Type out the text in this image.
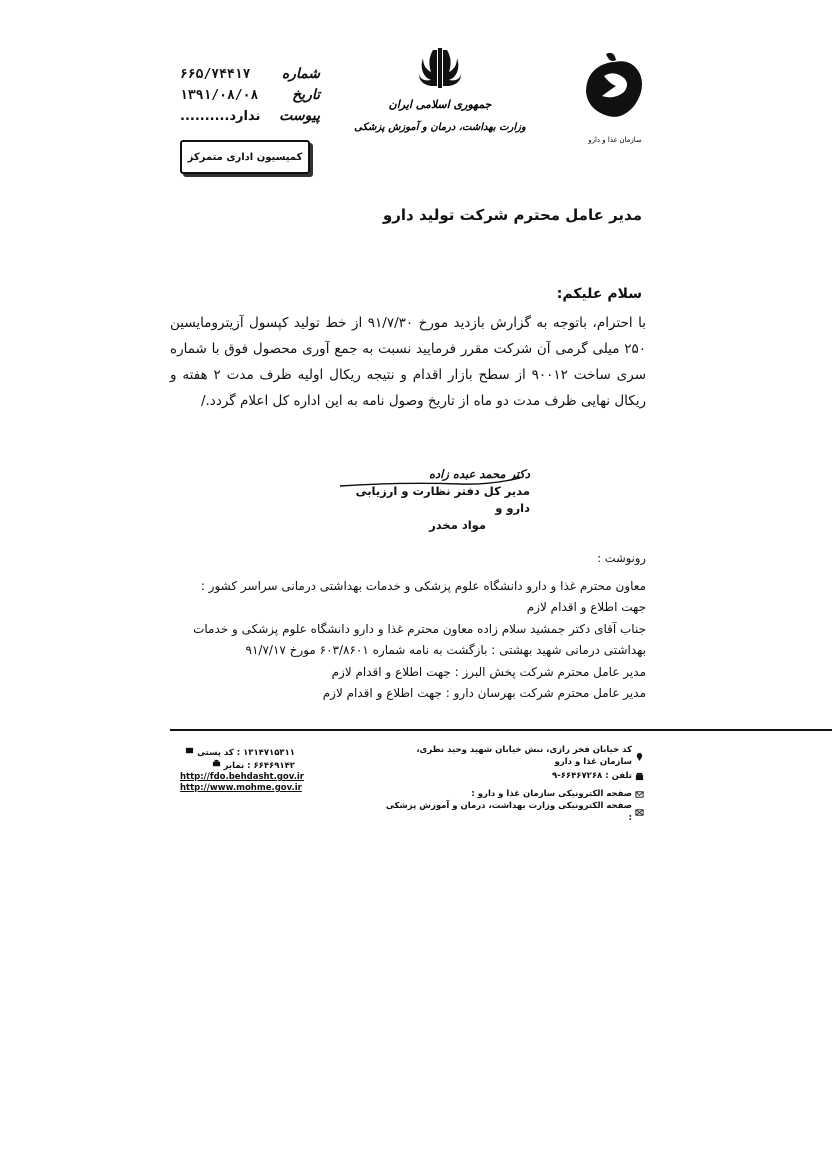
شماره
۶۶۵/۷۴۴۱۷
تاریخ
۱۳۹۱/۰۸/۰۸
پیوست
ندارد..........
کمیسیون اداری متمرکز
جمهوری اسلامی ایران
وزارت بهداشت، درمان و آموزش پزشکی
سازمان غذا و دارو
مدیر عامل محترم شرکت تولید دارو
سلام علیکم:
با احترام، باتوجه به گزارش بازدید مورخ ۹۱/۷/۳۰ از خط تولید کپسول آزیترومایسین ۲۵۰ میلی گرمی آن شرکت مقرر فرمایید نسبت به جمع آوری محصول فوق با شماره سری ساخت ۹۰۰۱۲ از سطح بازار اقدام و نتیجه ریکال اولیه ظرف مدت ۲ هفته و ریکال نهایی ظرف مدت دو ماه از تاریخ وصول نامه به این اداره کل اعلام گردد./
دکتر محمد عبده زاده
مدیر کل دفتر نظارت و ارزیابی دارو و
مواد مخدر
رونوشت :
معاون محترم غذا و دارو دانشگاه علوم پزشکی و خدمات بهداشتی درمانی سراسر کشور : جهت اطلاع و اقدام لازم
جناب آقای دکتر جمشید سلام زاده معاون محترم غذا و دارو دانشگاه علوم پزشکی و خدمات بهداشتی درمانی شهید بهشتی : بازگشت به نامه شماره ۶۰۳/۸۶۰۱ مورخ ۹۱/۷/۱۷
مدیر عامل محترم شرکت پخش البرز : جهت اطلاع و اقدام لازم
مدیر عامل محترم شرکت بهرسان دارو : جهت اطلاع و اقدام لازم
۱۳۱۴۷۱۵۳۱۱ : کد پستی
۶۶۴۶۹۱۴۲ : نمابر
http://fdo.behdasht.gov.ir
http://www.mohme.gov.ir
کد خیابان فخر رازی، نبش خیابان شهید وحید نظری، سازمان غذا و دارو
تلفن : ۶۶۴۶۷۲۶۸-۹
صفحه الکترونیکی سازمان غذا و دارو :
صفحه الکترونیکی وزارت بهداشت، درمان و آموزش پزشکی :
